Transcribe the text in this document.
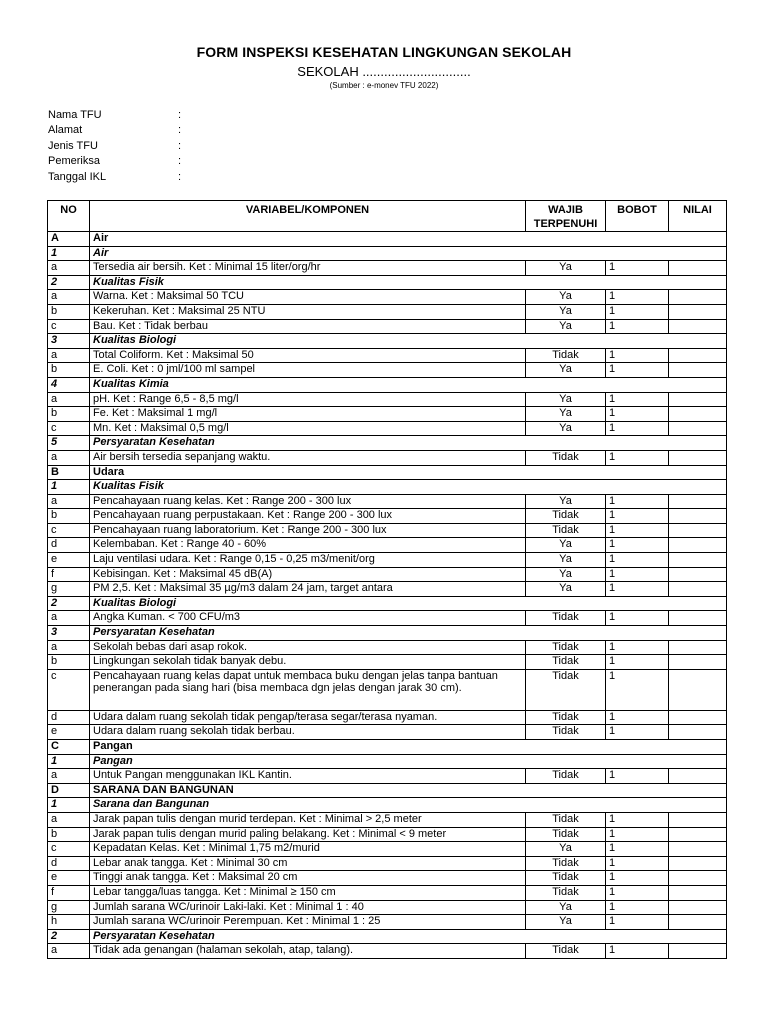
FORM INSPEKSI KESEHATAN LINGKUNGAN SEKOLAH
SEKOLAH ..............................
(Sumber : e-monev TFU 2022)
Nama TFU	:
Alamat	:
Jenis TFU	:
Pemeriksa	:
Tanggal IKL	:
NO	VARIABEL/KOMPONEN	WAJIB TERPENUHI	BOBOT	NILAI
A	Air			
1	Air			
a	Tersedia air bersih. Ket : Minimal 15 liter/org/hr	Ya	1	
2	Kualitas Fisik			
a	Warna. Ket : Maksimal 50 TCU	Ya	1	
b	Kekeruhan. Ket : Maksimal 25 NTU	Ya	1	
c	Bau. Ket : Tidak berbau	Ya	1	
3	Kualitas Biologi			
a	Total Coliform. Ket : Maksimal 50	Tidak	1	
b	E. Coli. Ket : 0 jml/100 ml sampel	Ya	1	
4	Kualitas Kimia			
a	pH. Ket : Range 6,5 - 8,5 mg/l	Ya	1	
b	Fe. Ket : Maksimal 1 mg/l	Ya	1	
c	Mn. Ket : Maksimal 0,5 mg/l	Ya	1	
5	Persyaratan Kesehatan			
a	Air bersih tersedia sepanjang waktu.	Tidak	1	
B	Udara			
1	Kualitas Fisik			
a	Pencahayaan ruang kelas. Ket : Range 200 - 300 lux	Ya	1	
b	Pencahayaan ruang perpustakaan. Ket : Range 200 - 300 lux	Tidak	1	
c	Pencahayaan ruang laboratorium. Ket : Range 200 - 300 lux	Tidak	1	
d	Kelembaban. Ket : Range 40 - 60%	Ya	1	
e	Laju ventilasi udara. Ket : Range 0,15 - 0,25 m3/menit/org	Ya	1	
f	Kebisingan. Ket : Maksimal 45 dB(A)	Ya	1	
g	PM 2,5. Ket : Maksimal 35 µg/m3 dalam 24 jam, target antara	Ya	1	
2	Kualitas Biologi			
a	Angka Kuman. < 700 CFU/m3	Tidak	1	
3	Persyaratan Kesehatan			
a	Sekolah bebas dari asap rokok.	Tidak	1	
b	Lingkungan sekolah tidak banyak debu.	Tidak	1	
c	Pencahayaan ruang kelas dapat untuk membaca buku dengan jelas tanpa bantuan penerangan pada siang hari (bisa membaca dgn jelas dengan jarak 30 cm).	Tidak	1	
d	Udara dalam ruang sekolah tidak pengap/terasa segar/terasa nyaman.	Tidak	1	
e	Udara dalam ruang sekolah tidak berbau.	Tidak	1	
C	Pangan			
1	Pangan			
a	Untuk Pangan menggunakan IKL Kantin.	Tidak	1	
D	SARANA DAN BANGUNAN			
1	Sarana dan Bangunan			
a	Jarak papan tulis dengan murid terdepan. Ket : Minimal > 2,5 meter	Tidak	1	
b	Jarak papan tulis dengan murid paling belakang. Ket : Minimal < 9 meter	Tidak	1	
c	Kepadatan Kelas. Ket : Minimal 1,75 m2/murid	Ya	1	
d	Lebar anak tangga. Ket : Minimal 30 cm	Tidak	1	
e	Tinggi anak tangga. Ket : Maksimal 20 cm	Tidak	1	
f	Lebar tangga/luas tangga. Ket : Minimal ≥ 150 cm	Tidak	1	
g	Jumlah sarana WC/urinoir Laki-laki. Ket : Minimal 1 : 40	Ya	1	
h	Jumlah sarana WC/urinoir Perempuan. Ket : Minimal 1 : 25	Ya	1	
2	Persyaratan Kesehatan			
a	Tidak ada genangan (halaman sekolah, atap, talang).	Tidak	1	
